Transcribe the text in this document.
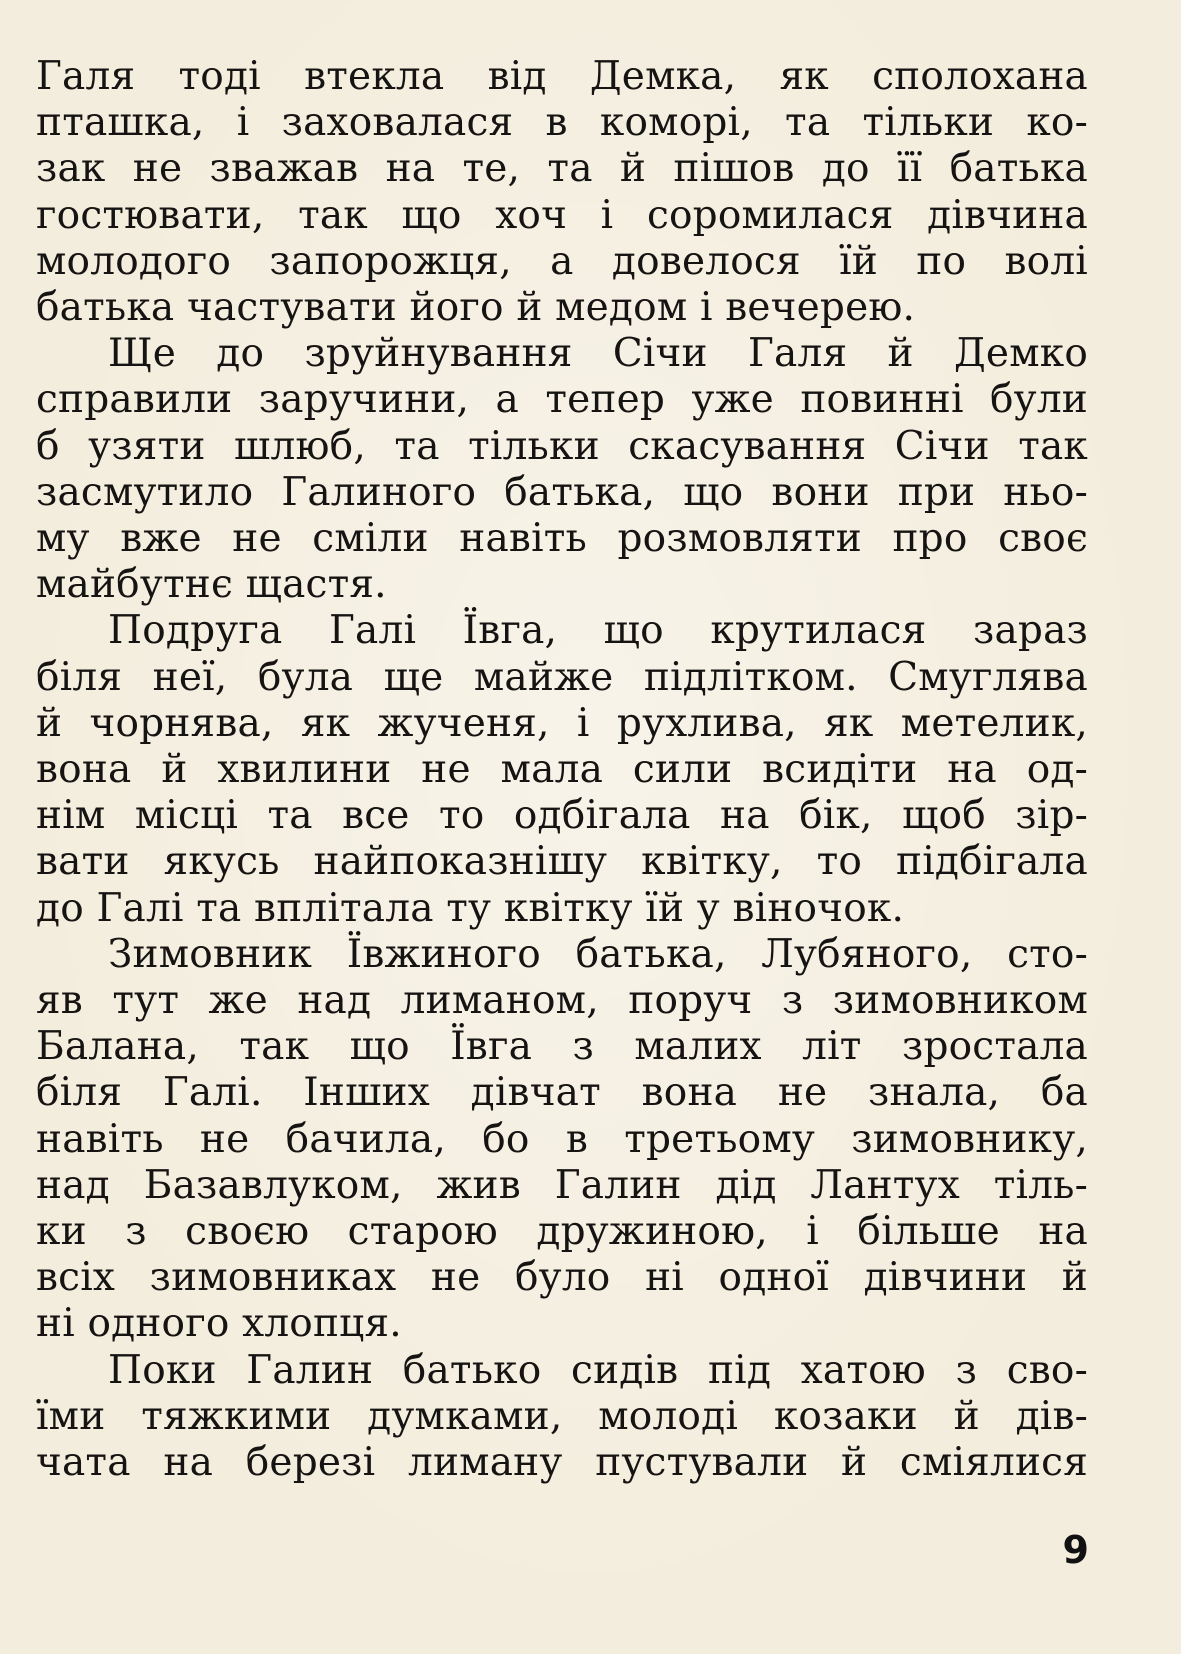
Галя тоді втекла від Демка, як сполохана
пташка, і заховалася в коморі, та тільки ко-
зак не зважав на те, та й пішов до її батька
гостювати, так що хоч і соромилася дівчина
молодого запорожця, а довелося їй по волі
батька частувати його й медом і вечерею.

Ще до зруйнування Січи Галя й Демко
справили заручини, а тепер уже повинні були
б узяти шлюб, та тільки скасування Січи так
засмутило Галиного батька, що вони при ньо-
му вже не сміли навіть розмовляти про своє
майбутнє щастя.

Подруга Галі Ївга, що крутилася зараз
біля неї, була ще майже підлітком. Смуглява
й чорнява, як жученя, і рухлива, як метелик,
вона й хвилини не мала сили всидіти на од-
нім місці та все то одбігала на бік, щоб зір-
вати якусь найпоказнішу квітку, то підбігала
до Галі та вплітала ту квітку їй у віночок.

Зимовник Ївжиного батька, Лубяного, сто-
яв тут же над лиманом, поруч з зимовником
Балана, так що Ївга з малих літ зростала
біля Галі. Інших дівчат вона не знала, ба
навіть не бачила, бо в третьому зимовнику,
над Базавлуком, жив Галин дід Лантух тіль-
ки з своєю старою дружиною, і більше на
всіх зимовниках не було ні одної дівчини й
ні одного хлопця.

Поки Галин батько сидів під хатою з сво-
їми тяжкими думками, молоді козаки й дів-
чата на березі лиману пустували й сміялися

9
